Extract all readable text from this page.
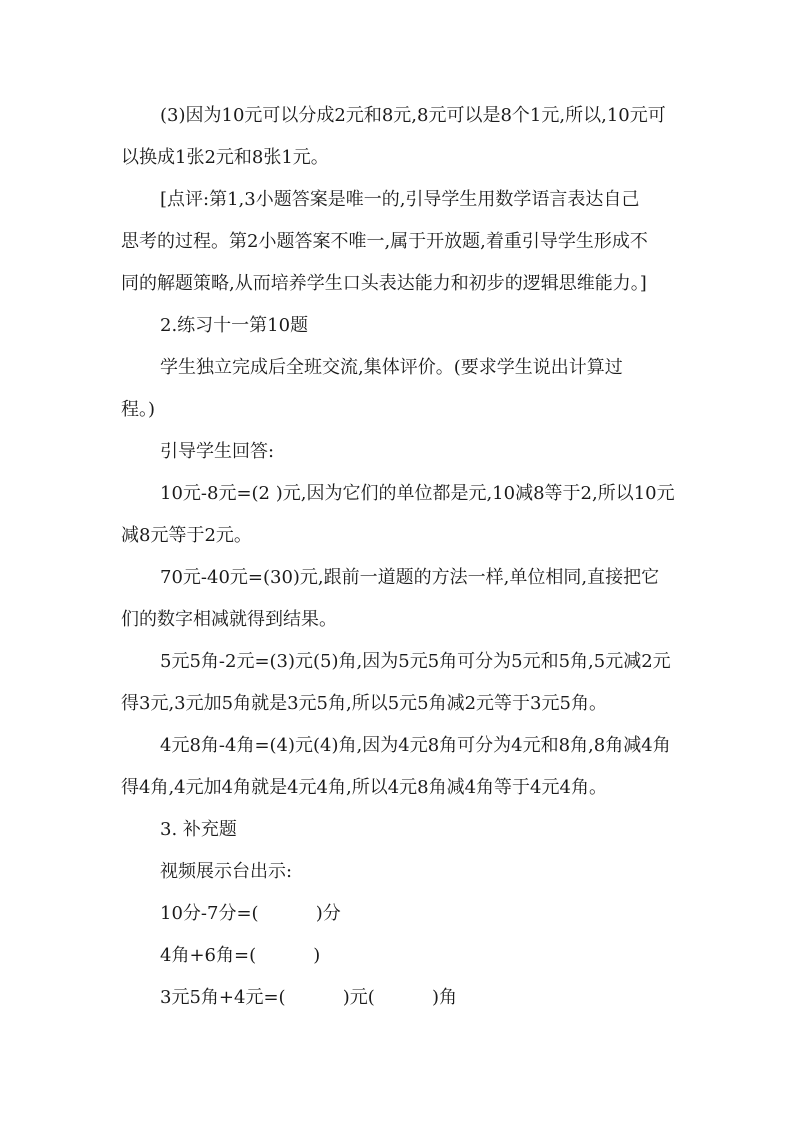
(3)因为10元可以分成2元和8元,8元可以是8个1元,所以,10元可
以换成1张2元和8张1元。
[点评:第1,3小题答案是唯一的,引导学生用数学语言表达自己
思考的过程。第2小题答案不唯一,属于开放题,着重引导学生形成不
同的解题策略,从而培养学生口头表达能力和初步的逻辑思维能力。]
2.练习十一第10题
学生独立完成后全班交流,集体评价。(要求学生说出计算过
程。)
引导学生回答:
10元-8元=(2 )元,因为它们的单位都是元,10减8等于2,所以10元
减8元等于2元。
70元-40元=(30)元,跟前一道题的方法一样,单位相同,直接把它
们的数字相减就得到结果。
5元5角-2元=(3)元(5)角,因为5元5角可分为5元和5角,5元减2元
得3元,3元加5角就是3元5角,所以5元5角减2元等于3元5角。
4元8角-4角=(4)元(4)角,因为4元8角可分为4元和8角,8角减4角
得4角,4元加4角就是4元4角,所以4元8角减4角等于4元4角。
3. 补充题
视频展示台出示:
10分-7分=(          )分
4角+6角=(          )
3元5角+4元=(          )元(          )角
